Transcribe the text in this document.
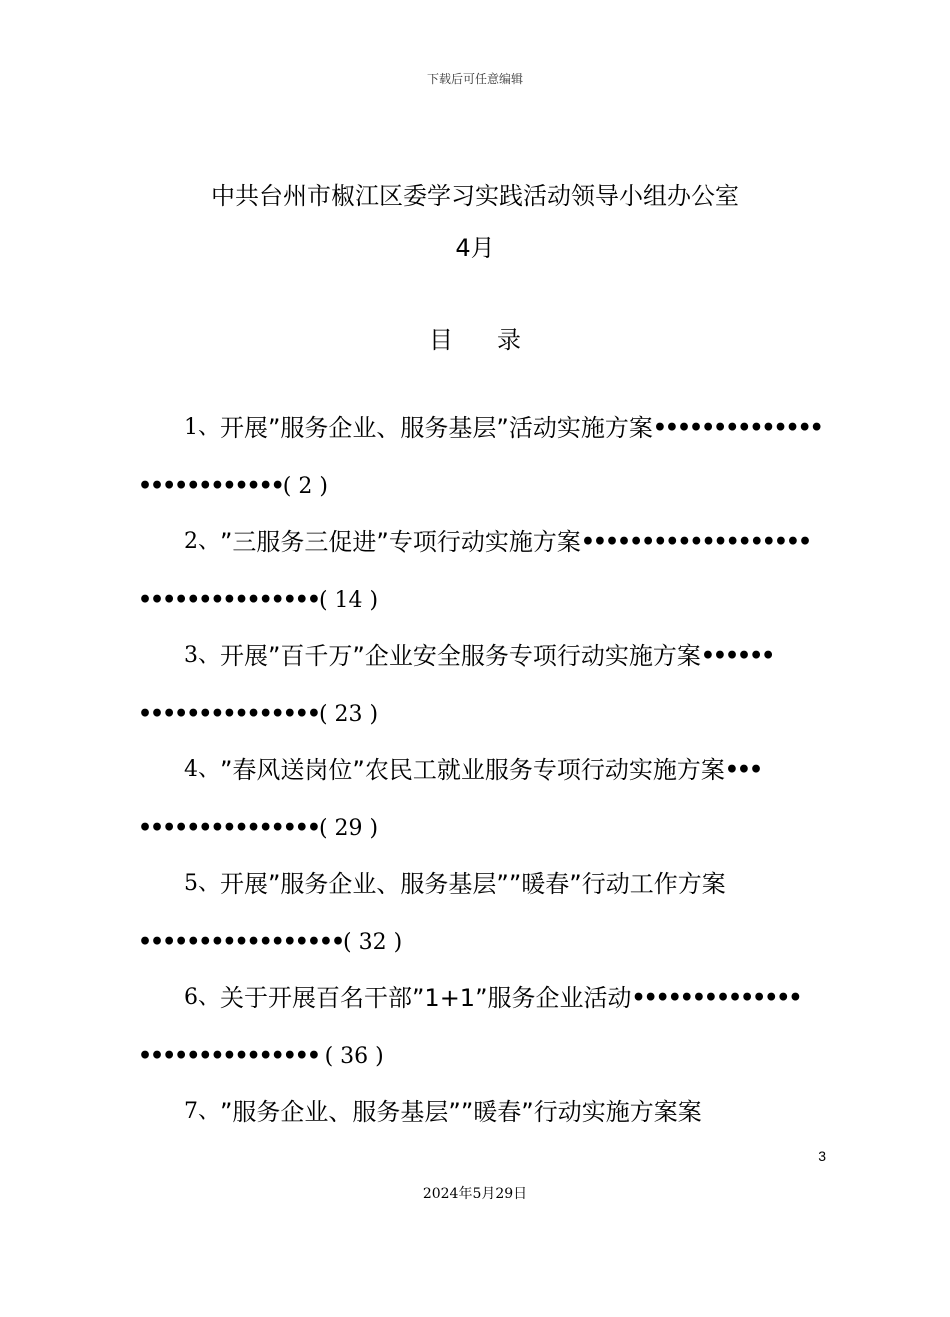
下载后可任意编辑
中共台州市椒江区委学习实践活动领导小组办公室
4月
目 录
1、 开展”服务企业、服务基层”活动实施方案 ••••••••••••••
••••••••••••( 2 )
2、 ”三服务三促进”专项行动实施方案 •••••••••••••••••••
•••••••••••••••( 14 )
3、 开展”百千万”企业安全服务专项行动实施方案 ••••••
•••••••••••••••( 23 )
4、 ”春风送岗位”农民工就业服务专项行动实施方案 •••
•••••••••••••••( 29 )
5、 开展”服务企业、服务基层””暖春”行动工作方案
•••••••••••••••••( 32 )
6、 关于开展百名干部”1+1”服务企业活动 ••••••••••••••
••••••••••••••• ( 36 )
7、 ”服务企业、服务基层””暖春”行动实施方案案
3
2024年5月29日
